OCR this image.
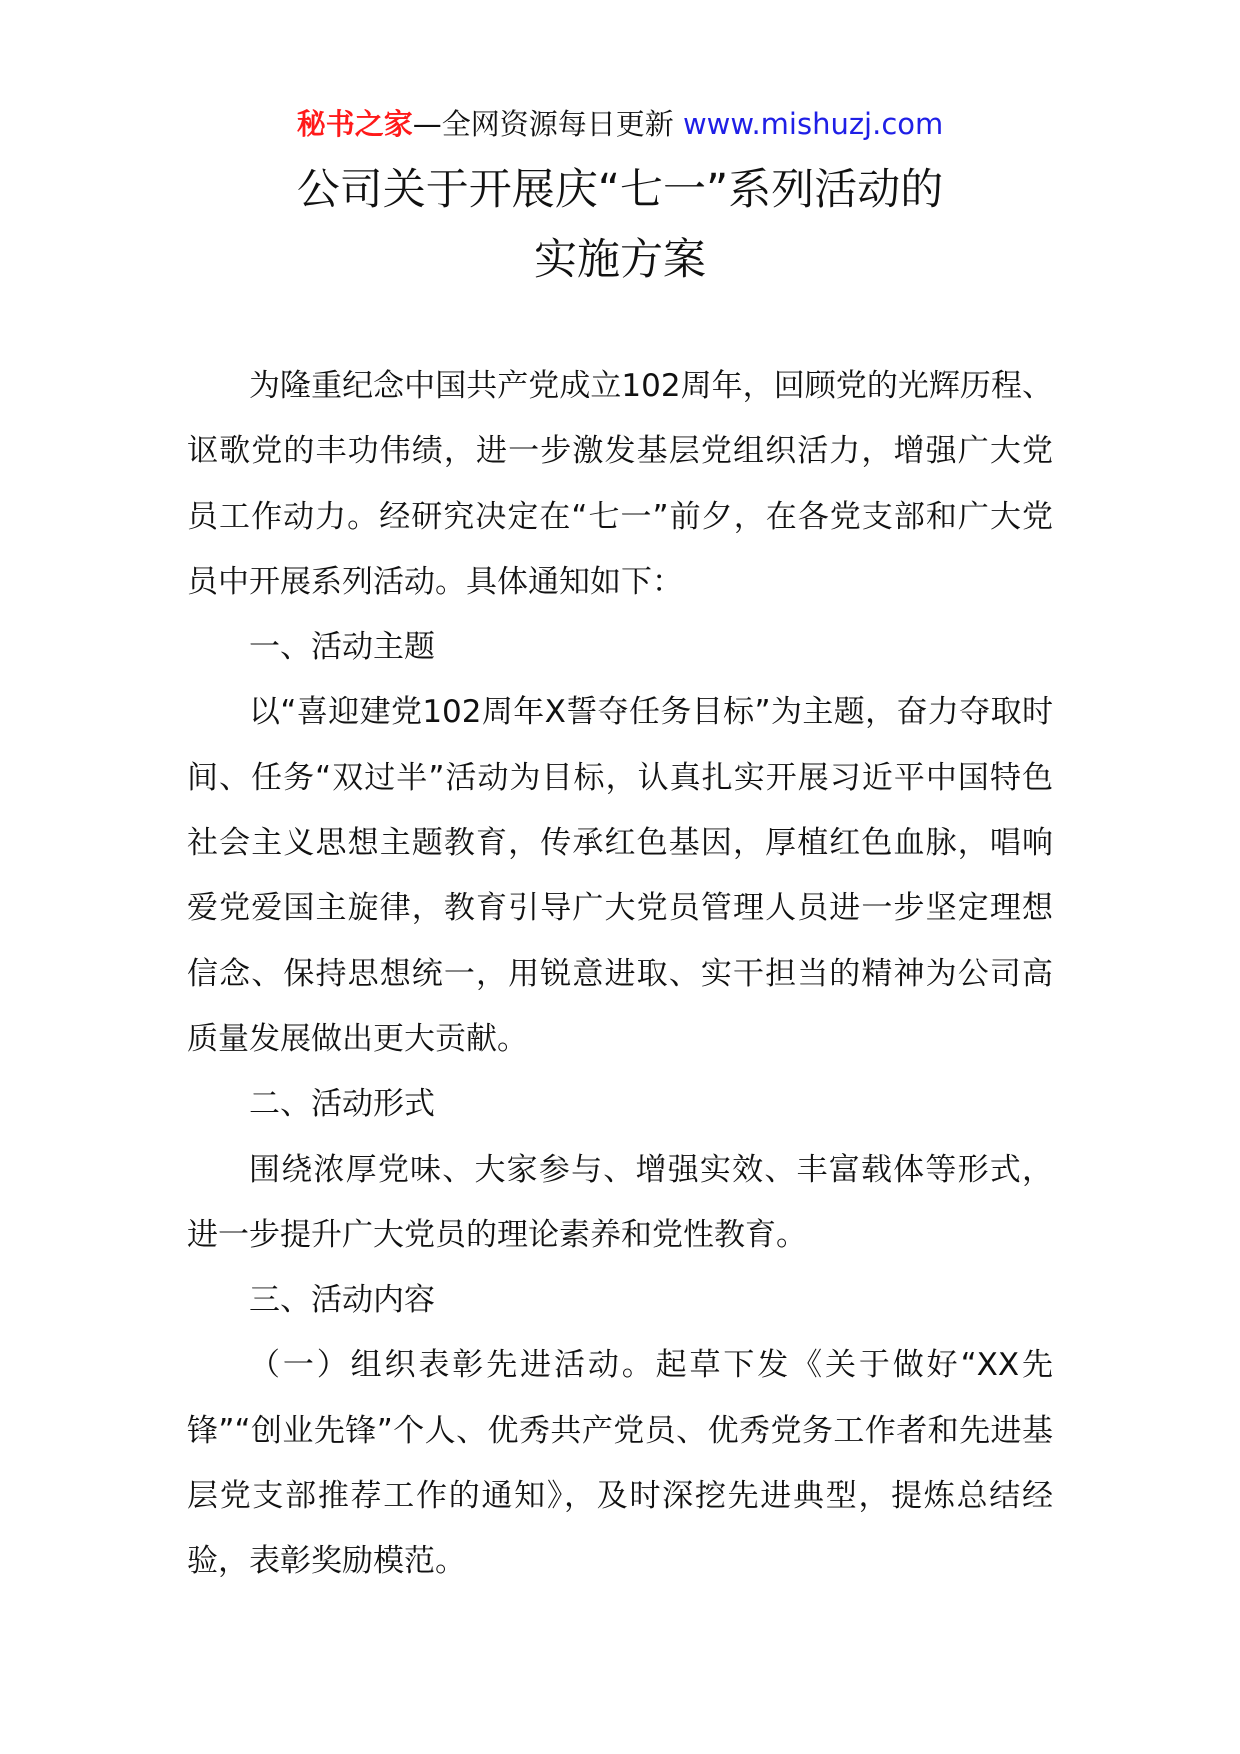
秘书之家—全网资源每日更新 www.mishuzj.com
公司关于开展庆“七一”系列活动的
实施方案

为隆重纪念中国共产党成立102周年，回顾党的光辉历程、讴歌党的丰功伟绩，进一步激发基层党组织活力，增强广大党员工作动力。经研究决定在“七一”前夕，在各党支部和广大党员中开展系列活动。具体通知如下：

一、活动主题

以“喜迎建党102周年X誓夺任务目标”为主题，奋力夺取时间、任务“双过半”活动为目标，认真扎实开展习近平中国特色社会主义思想主题教育，传承红色基因，厚植红色血脉，唱响爱党爱国主旋律，教育引导广大党员管理人员进一步坚定理想信念、保持思想统一，用锐意进取、实干担当的精神为公司高质量发展做出更大贡献。

二、活动形式

围绕浓厚党味、大家参与、增强实效、丰富载体等形式，进一步提升广大党员的理论素养和党性教育。

三、活动内容

（一）组织表彰先进活动。起草下发《关于做好“XX先锋”“创业先锋”个人、优秀共产党员、优秀党务工作者和先进基层党支部推荐工作的通知》，及时深挖先进典型，提炼总结经验，表彰奖励模范。
